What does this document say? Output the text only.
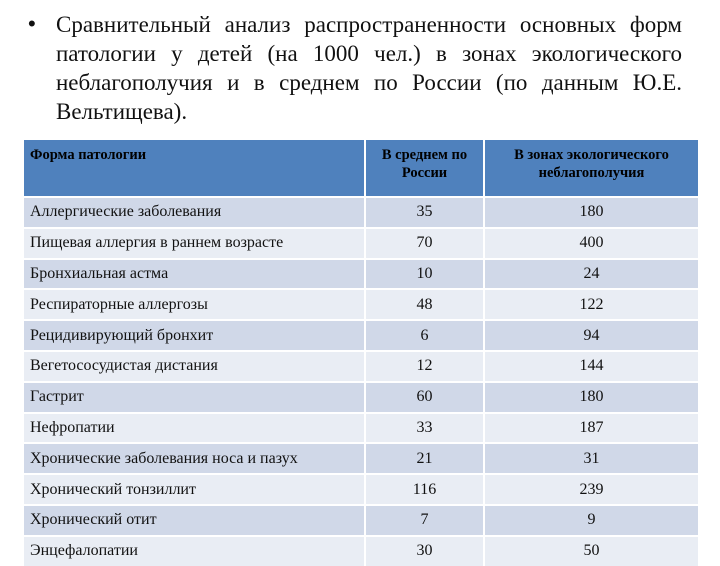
• Сравнительный анализ распространенности основных форм патологии у детей (на 1000 чел.) в зонах экологического неблагополучия и в среднем по России (по данным Ю.Е. Вельтищева).

Форма патологии	В среднем по России	В зонах экологического неблагополучия
Аллергические заболевания	35	180
Пищевая аллергия в раннем возрасте	70	400
Бронхиальная астма	10	24
Респираторные аллергозы	48	122
Рецидивирующий бронхит	6	94
Вегетососудистая дистания	12	144
Гастрит	60	180
Нефропатии	33	187
Хронические заболевания носа и пазух	21	31
Хронический тонзиллит	116	239
Хронический отит	7	9
Энцефалопатии	30	50
